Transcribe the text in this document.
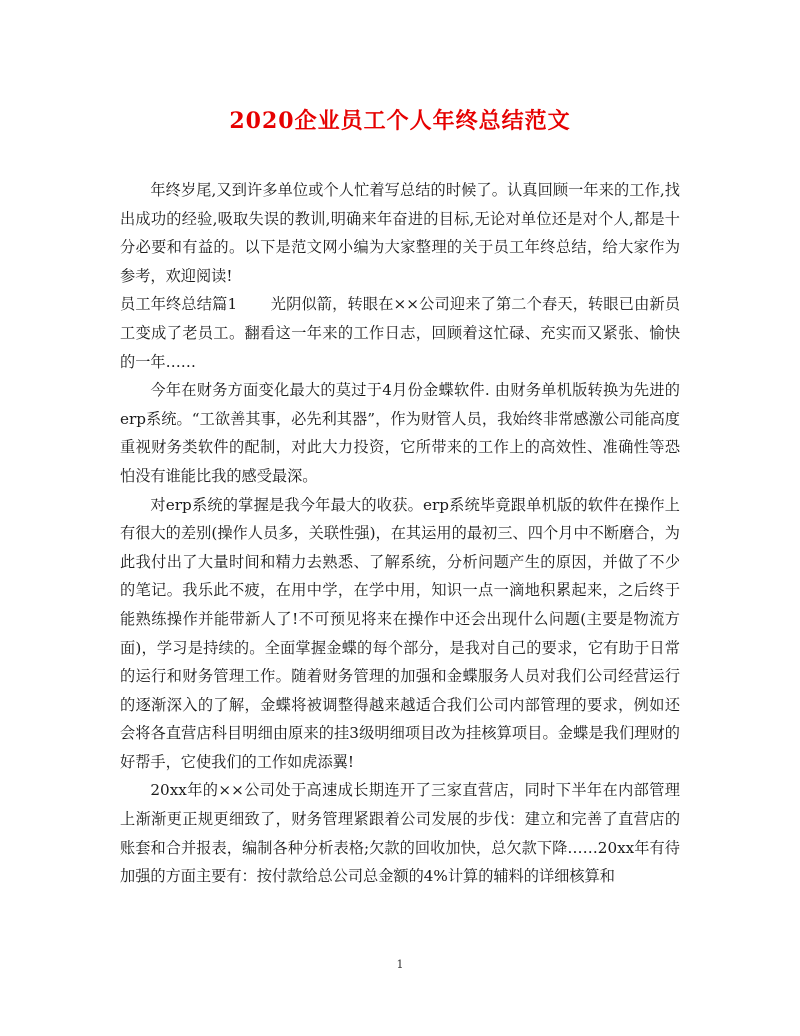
2020企业员工个人年终总结范文

年终岁尾,又到许多单位或个人忙着写总结的时候了。认真回顾一年来的工作,找出成功的经验,吸取失误的教训,明确来年奋进的目标,无论对单位还是对个人,都是十分必要和有益的。以下是范文网小编为大家整理的关于员工年终总结，给大家作为参考，欢迎阅读!

员工年终总结篇1 光阴似箭，转眼在××公司迎来了第二个春天，转眼已由新员工变成了老员工。翻看这一年来的工作日志，回顾着这忙碌、充实而又紧张、愉快的一年……

今年在财务方面变化最大的莫过于4月份金蝶软件. 由财务单机版转换为先进的erp系统。“工欲善其事，必先利其器”，作为财管人员，我始终非常感激公司能高度重视财务类软件的配制，对此大力投资，它所带来的工作上的高效性、准确性等恐怕没有谁能比我的感受最深。

对erp系统的掌握是我今年最大的收获。erp系统毕竟跟单机版的软件在操作上有很大的差别(操作人员多，关联性强)，在其运用的最初三、四个月中不断磨合，为此我付出了大量时间和精力去熟悉、了解系统，分析问题产生的原因，并做了不少的笔记。我乐此不疲，在用中学，在学中用，知识一点一滴地积累起来，之后终于能熟练操作并能带新人了!不可预见将来在操作中还会出现什么问题(主要是物流方面)，学习是持续的。全面掌握金蝶的每个部分，是我对自己的要求，它有助于日常的运行和财务管理工作。随着财务管理的加强和金蝶服务人员对我们公司经营运行的逐渐深入的了解，金蝶将被调整得越来越适合我们公司内部管理的要求，例如还会将各直营店科目明细由原来的挂3级明细项目改为挂核算项目。金蝶是我们理财的好帮手，它使我们的工作如虎添翼!

20xx年的××公司处于高速成长期连开了三家直营店，同时下半年在内部管理上渐渐更正规更细致了，财务管理紧跟着公司发展的步伐：建立和完善了直营店的账套和合并报表，编制各种分析表格;欠款的回收加快，总欠款下降……20xx年有待加强的方面主要有：按付款给总公司总金额的4%计算的辅料的详细核算和

1
